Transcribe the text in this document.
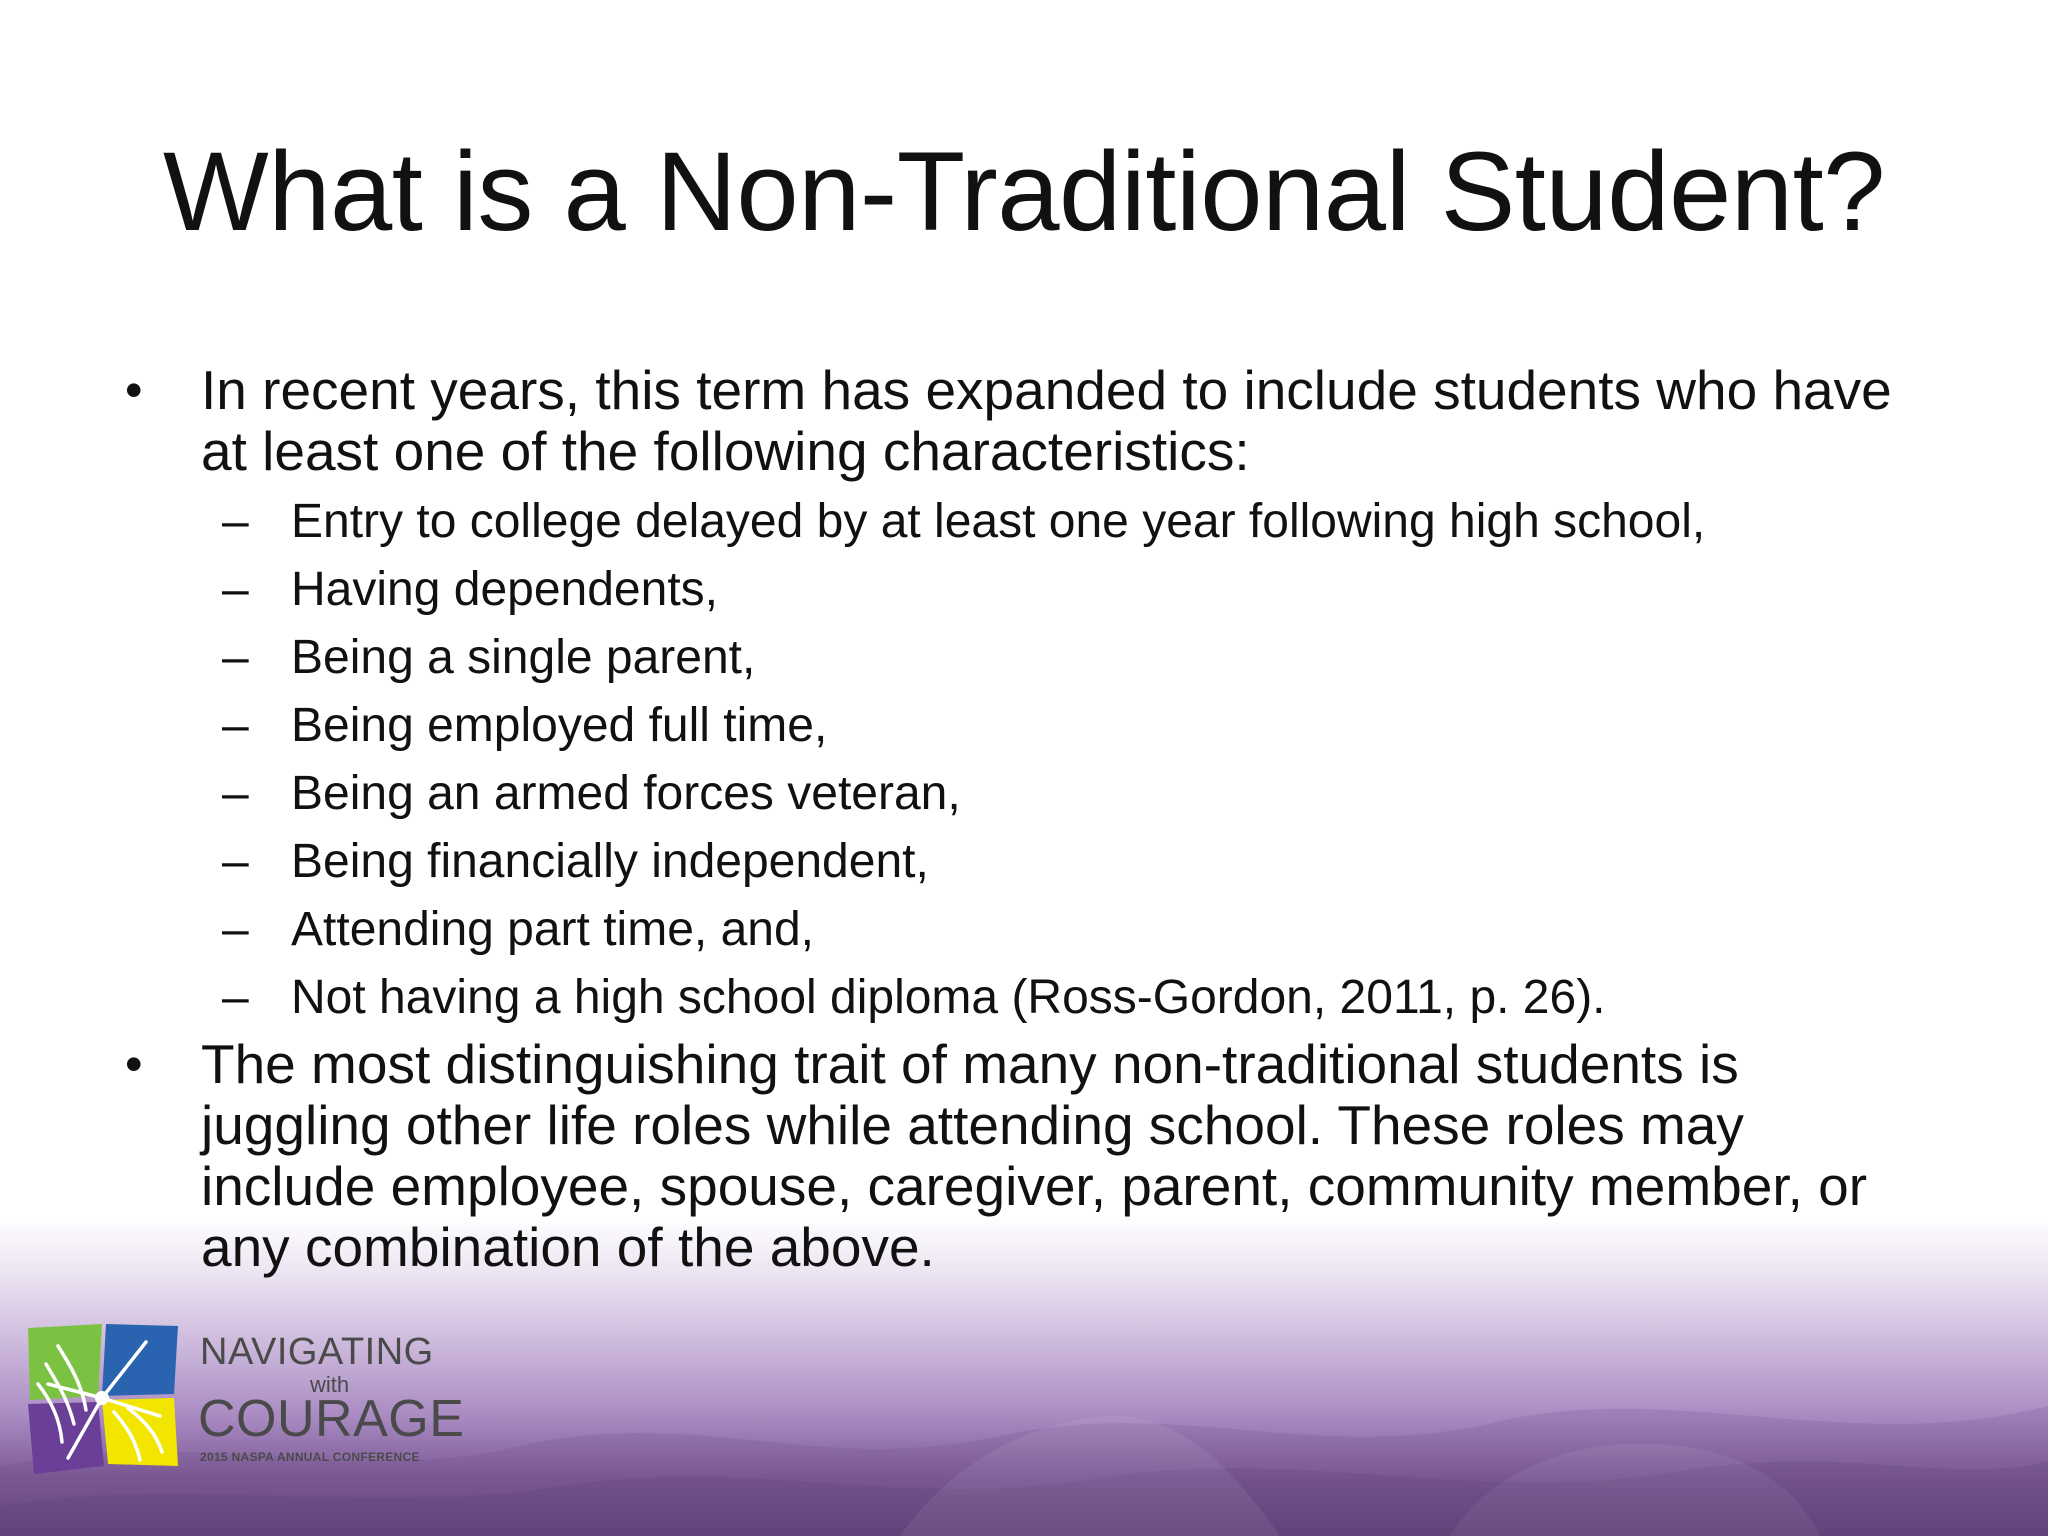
What is a Non-Traditional Student?
• In recent years, this term has expanded to include students who have at least one of the following characteristics:
– Entry to college delayed by at least one year following high school,
– Having dependents,
– Being a single parent,
– Being employed full time,
– Being an armed forces veteran,
– Being financially independent,
– Attending part time, and,
– Not having a high school diploma (Ross-Gordon, 2011, p. 26).
• The most distinguishing trait of many non-traditional students is juggling other life roles while attending school. These roles may include employee, spouse, caregiver, parent, community member, or any combination of the above.
NAVIGATING
with
COURAGE
2015 NASPA ANNUAL CONFERENCE
